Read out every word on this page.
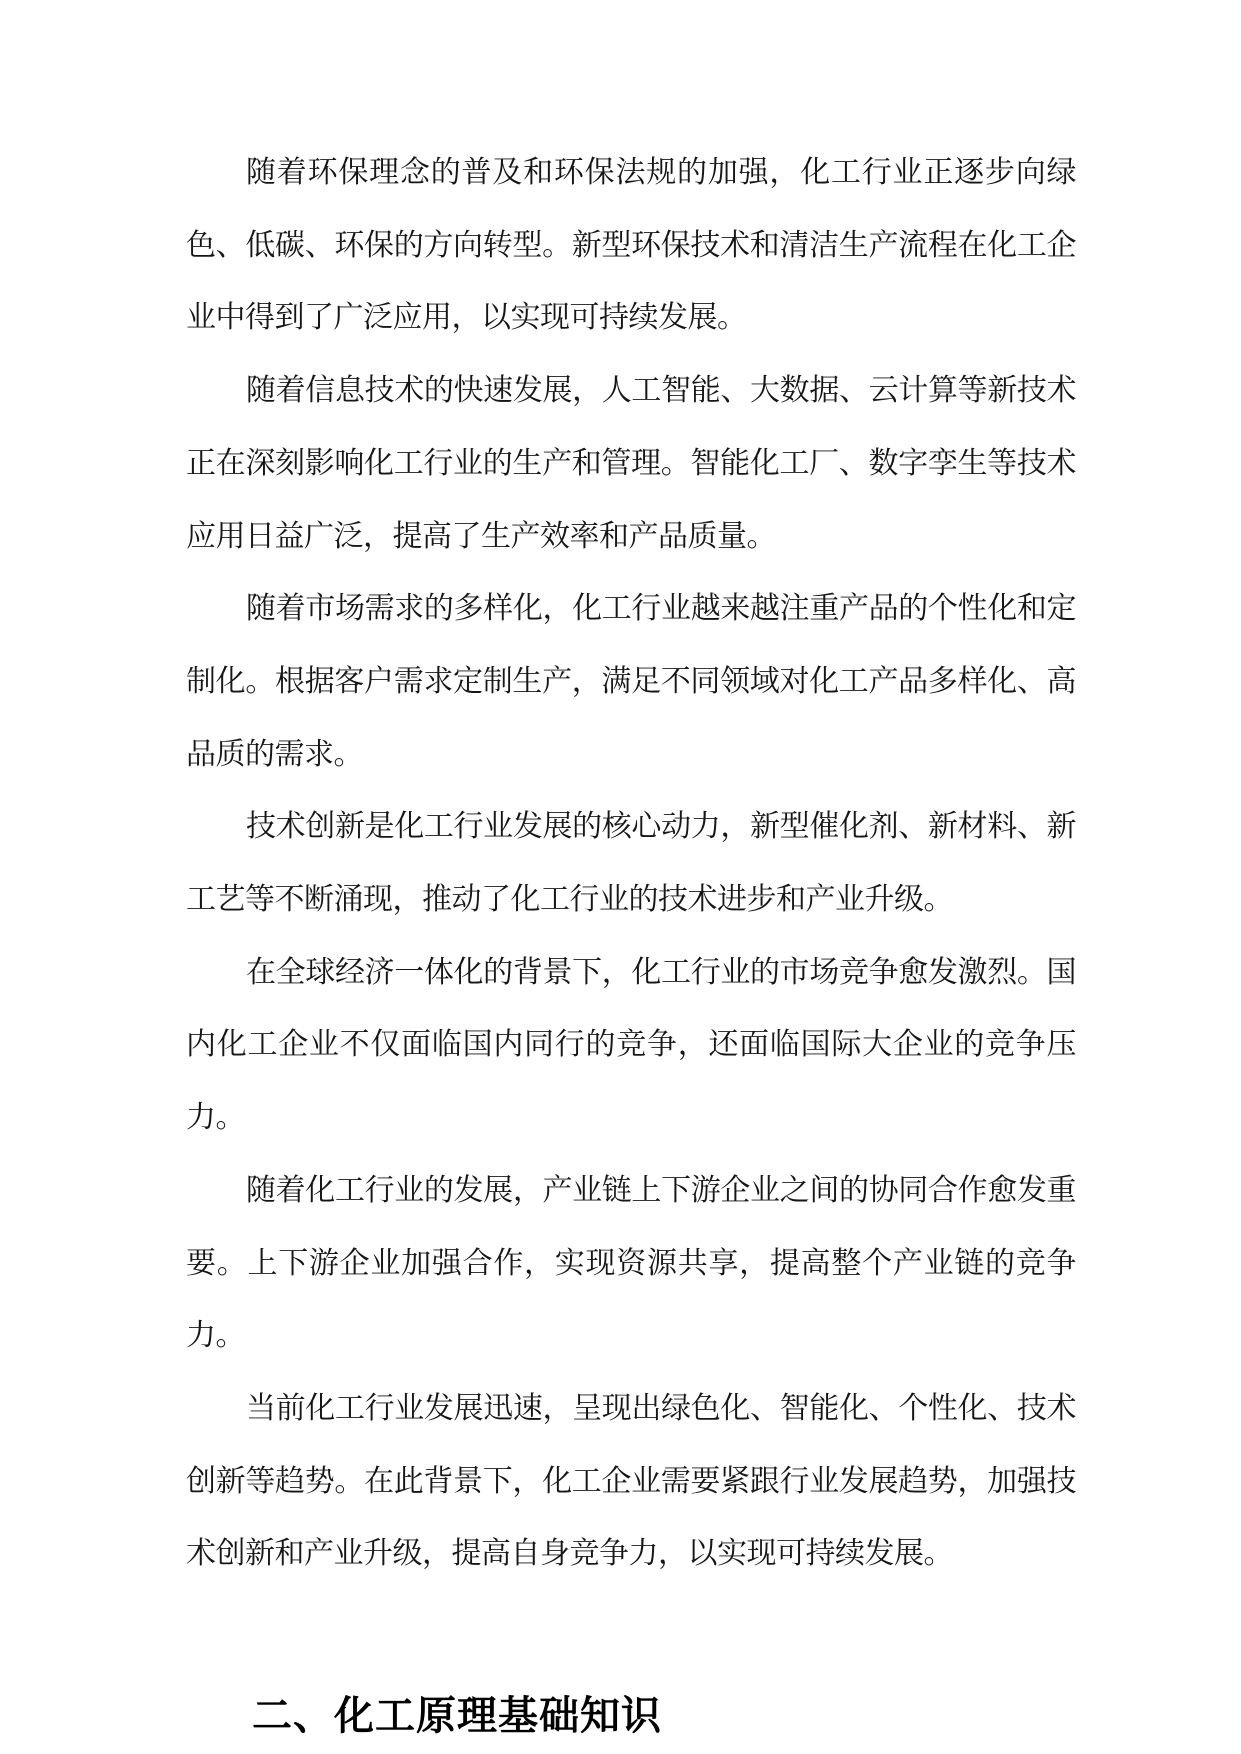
随着环保理念的普及和环保法规的加强，化工行业正逐步向绿色、低碳、环保的方向转型。新型环保技术和清洁生产流程在化工企业中得到了广泛应用，以实现可持续发展。

随着信息技术的快速发展，人工智能、大数据、云计算等新技术正在深刻影响化工行业的生产和管理。智能化工厂、数字孪生等技术应用日益广泛，提高了生产效率和产品质量。

随着市场需求的多样化，化工行业越来越注重产品的个性化和定制化。根据客户需求定制生产，满足不同领域对化工产品多样化、高品质的需求。

技术创新是化工行业发展的核心动力，新型催化剂、新材料、新工艺等不断涌现，推动了化工行业的技术进步和产业升级。

在全球经济一体化的背景下，化工行业的市场竞争愈发激烈。国内化工企业不仅面临国内同行的竞争，还面临国际大企业的竞争压力。

随着化工行业的发展，产业链上下游企业之间的协同合作愈发重要。上下游企业加强合作，实现资源共享，提高整个产业链的竞争力。

当前化工行业发展迅速，呈现出绿色化、智能化、个性化、技术创新等趋势。在此背景下，化工企业需要紧跟行业发展趋势，加强技术创新和产业升级，提高自身竞争力，以实现可持续发展。

二、化工原理基础知识
